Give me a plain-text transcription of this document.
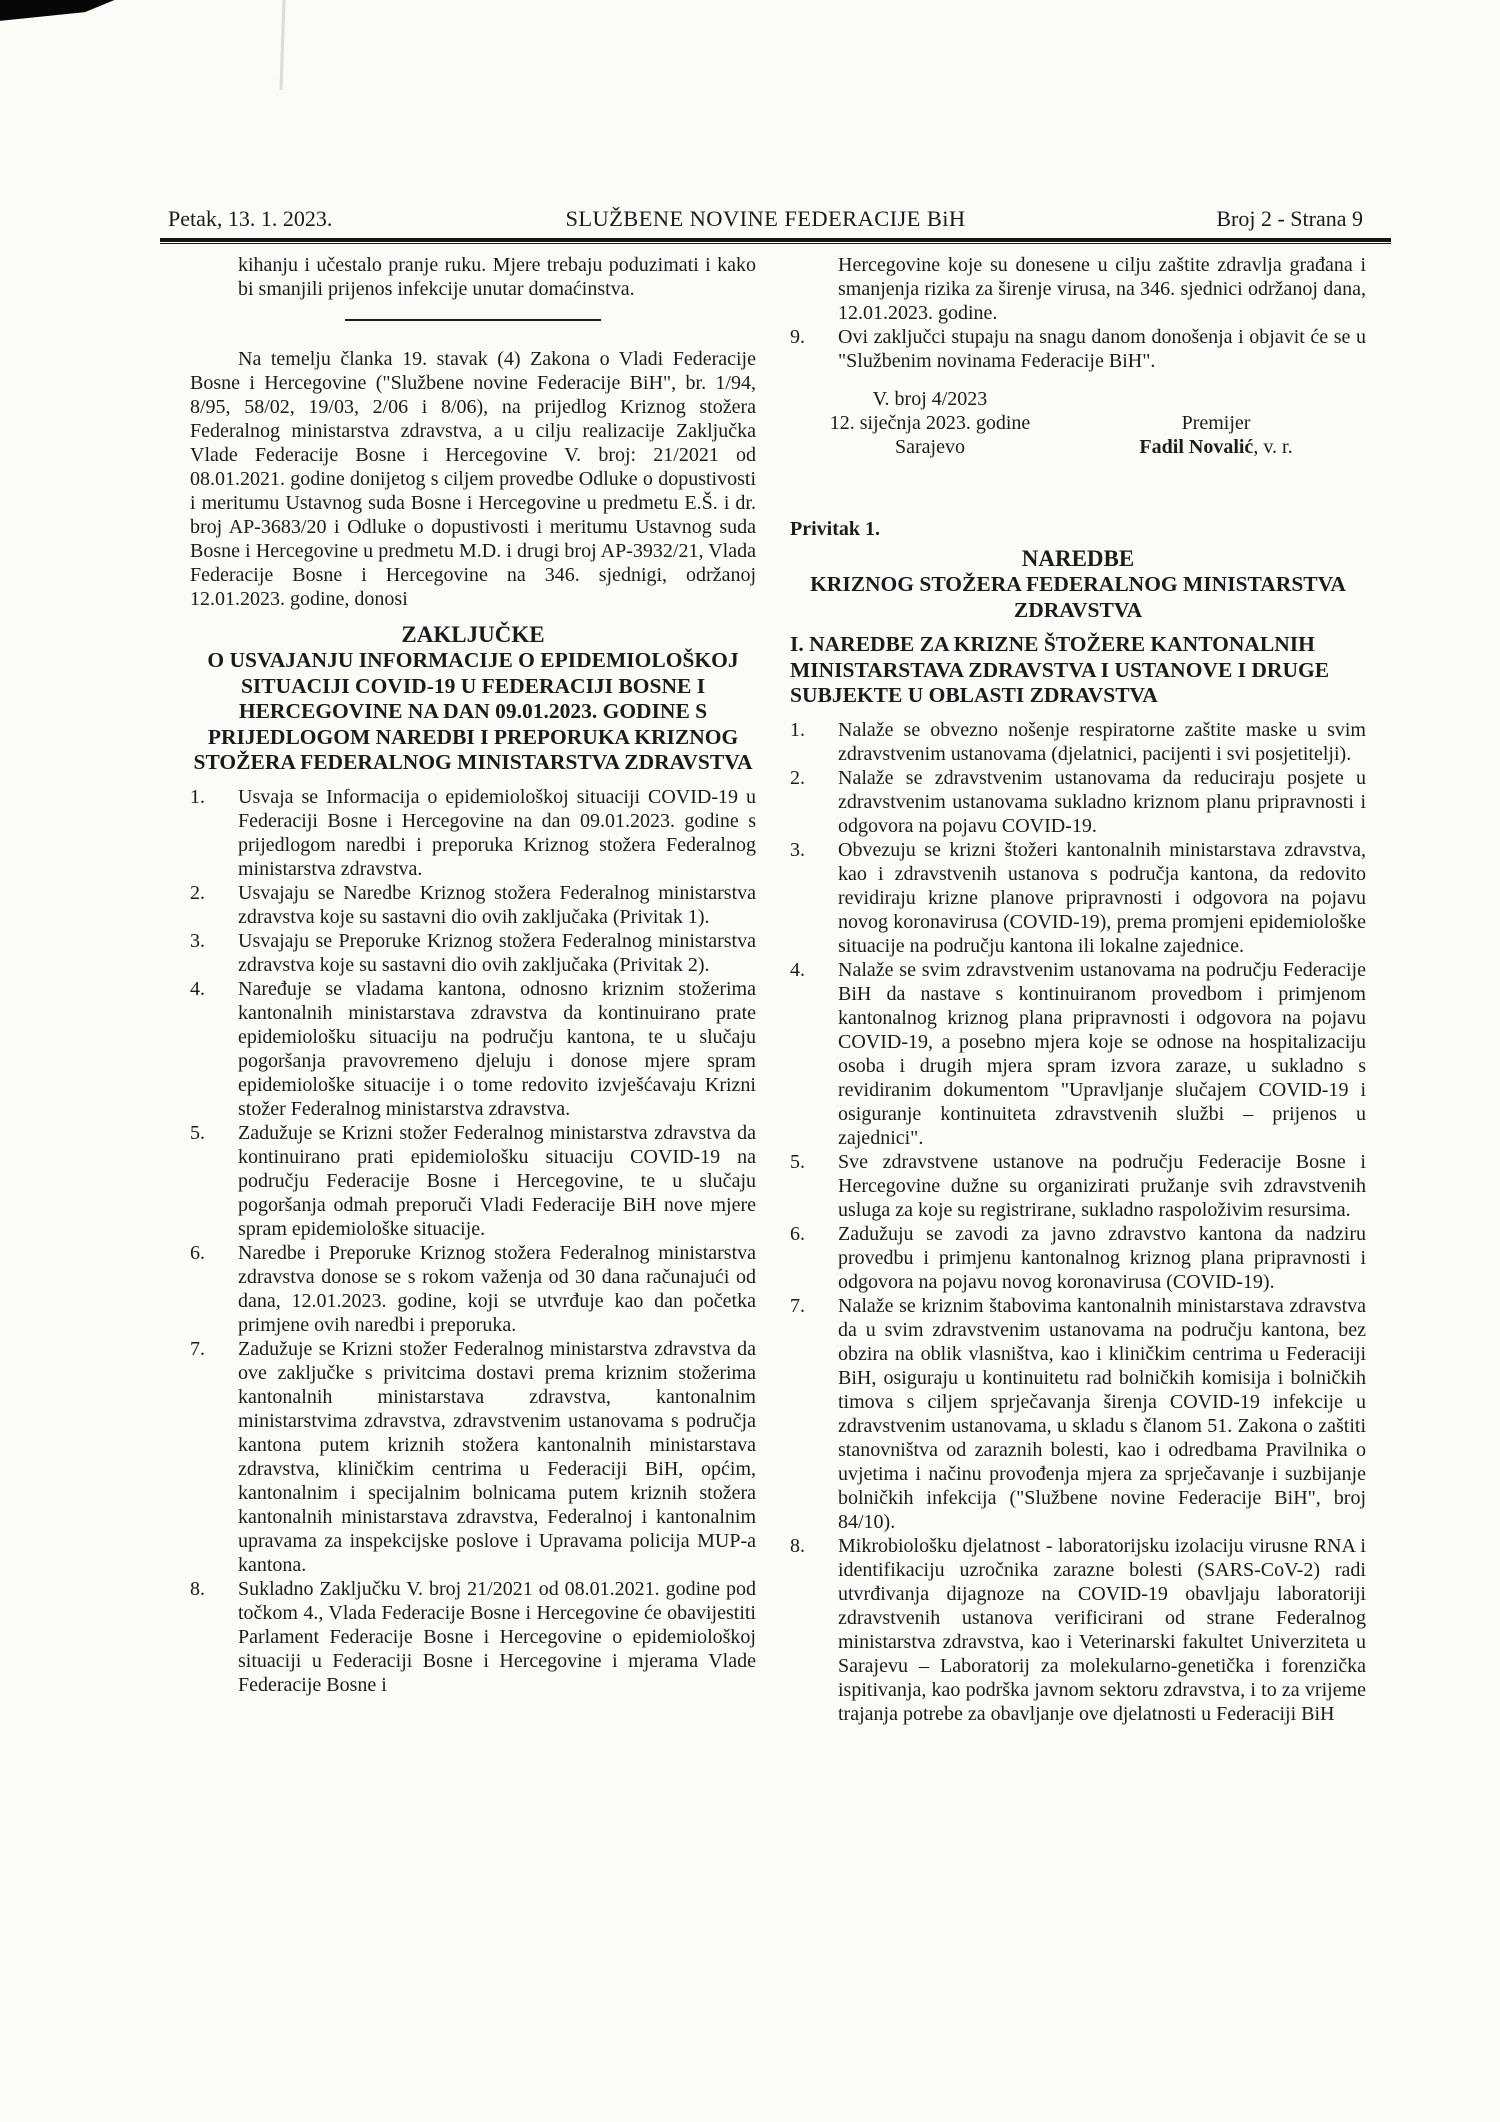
Petak, 13. 1. 2023.	SLUŽBENE NOVINE FEDERACIJE BiH	Broj 2 - Strana 9
kihanju i učestalo pranje ruku. Mjere trebaju poduzimati i kako bi smanjili prijenos infekcije unutar domaćinstva.
Na temelju članka 19. stavak (4) Zakona o Vladi Federacije Bosne i Hercegovine ("Službene novine Federacije BiH", br. 1/94, 8/95, 58/02, 19/03, 2/06 i 8/06), na prijedlog Kriznog stožera Federalnog ministarstva zdravstva, a u cilju realizacije Zaključka Vlade Federacije Bosne i Hercegovine V. broj: 21/2021 od 08.01.2021. godine donijetog s ciljem provedbe Odluke o dopustivosti i meritumu Ustavnog suda Bosne i Hercegovine u predmetu E.Š. i dr. broj AP-3683/20 i Odluke o dopustivosti i meritumu Ustavnog suda Bosne i Hercegovine u predmetu M.D. i drugi broj AP-3932/21, Vlada Federacije Bosne i Hercegovine na 346. sjednigi, održanoj 12.01.2023. godine, donosi
ZAKLJUČKE
O USVAJANJU INFORMACIJE O EPIDEMIOLOŠKOJ SITUACIJI COVID-19 U FEDERACIJI BOSNE I HERCEGOVINE NA DAN 09.01.2023. GODINE S PRIJEDLOGOM NAREDBI I PREPORUKA KRIZNOG STOŽERA FEDERALNOG MINISTARSTVA ZDRAVSTVA
1.	Usvaja se Informacija o epidemiološkoj situaciji COVID-19 u Federaciji Bosne i Hercegovine na dan 09.01.2023. godine s prijedlogom naredbi i preporuka Kriznog stožera Federalnog ministarstva zdravstva.
2.	Usvajaju se Naredbe Kriznog stožera Federalnog ministarstva zdravstva koje su sastavni dio ovih zaključaka (Privitak 1).
3.	Usvajaju se Preporuke Kriznog stožera Federalnog ministarstva zdravstva koje su sastavni dio ovih zaključaka (Privitak 2).
4.	Naređuje se vladama kantona, odnosno kriznim stožerima kantonalnih ministarstava zdravstva da kontinuirano prate epidemiološku situaciju na području kantona, te u slučaju pogoršanja pravovremeno djeluju i donose mjere spram epidemiološke situacije i o tome redovito izvješćavaju Krizni stožer Federalnog ministarstva zdravstva.
5.	Zadužuje se Krizni stožer Federalnog ministarstva zdravstva da kontinuirano prati epidemiološku situaciju COVID-19 na području Federacije Bosne i Hercegovine, te u slučaju pogoršanja odmah preporuči Vladi Federacije BiH nove mjere spram epidemiološke situacije.
6.	Naredbe i Preporuke Kriznog stožera Federalnog ministarstva zdravstva donose se s rokom važenja od 30 dana računajući od dana, 12.01.2023. godine, koji se utvrđuje kao dan početka primjene ovih naredbi i preporuka.
7.	Zadužuje se Krizni stožer Federalnog ministarstva zdravstva da ove zaključke s privitcima dostavi prema kriznim stožerima kantonalnih ministarstava zdravstva, kantonalnim ministarstvima zdravstva, zdravstvenim ustanovama s područja kantona putem kriznih stožera kantonalnih ministarstava zdravstva, kliničkim centrima u Federaciji BiH, općim, kantonalnim i specijalnim bolnicama putem kriznih stožera kantonalnih ministarstava zdravstva, Federalnoj i kantonalnim upravama za inspekcijske poslove i Upravama policija MUP-a kantona.
8.	Sukladno Zaključku V. broj 21/2021 od 08.01.2021. godine pod točkom 4., Vlada Federacije Bosne i Hercegovine će obavijestiti Parlament Federacije Bosne i Hercegovine o epidemiološkoj situaciji u Federaciji Bosne i Hercegovine i mjerama Vlade Federacije Bosne i
Hercegovine koje su donesene u cilju zaštite zdravlja građana i smanjenja rizika za širenje virusa, na 346. sjednici održanoj dana, 12.01.2023. godine.
9.	Ovi zaključci stupaju na snagu danom donošenja i objavit će se u "Službenim novinama Federacije BiH".
V. broj 4/2023
12. siječnja 2023. godine
Sarajevo
Premijer
Fadil Novalić, v. r.
Privitak 1.
NAREDBE
KRIZNOG STOŽERA FEDERALNOG MINISTARSTVA ZDRAVSTVA
I. NAREDBE ZA KRIZNE ŠTOŽERE KANTONALNIH MINISTARSTAVA ZDRAVSTVA I USTANOVE I DRUGE SUBJEKTE U OBLASTI ZDRAVSTVA
1.	Nalaže se obvezno nošenje respiratorne zaštite maske u svim zdravstvenim ustanovama (djelatnici, pacijenti i svi posjetitelji).
2.	Nalaže se zdravstvenim ustanovama da reduciraju posjete u zdravstvenim ustanovama sukladno kriznom planu pripravnosti i odgovora na pojavu COVID-19.
3.	Obvezuju se krizni štožeri kantonalnih ministarstava zdravstva, kao i zdravstvenih ustanova s područja kantona, da redovito revidiraju krizne planove pripravnosti i odgovora na pojavu novog koronavirusa (COVID-19), prema promjeni epidemiološke situacije na području kantona ili lokalne zajednice.
4.	Nalaže se svim zdravstvenim ustanovama na području Federacije BiH da nastave s kontinuiranom provedbom i primjenom kantonalnog kriznog plana pripravnosti i odgovora na pojavu COVID-19, a posebno mjera koje se odnose na hospitalizaciju osoba i drugih mjera spram izvora zaraze, u sukladno s revidiranim dokumentom "Upravljanje slučajem COVID-19 i osiguranje kontinuiteta zdravstvenih službi – prijenos u zajednici".
5.	Sve zdravstvene ustanove na području Federacije Bosne i Hercegovine dužne su organizirati pružanje svih zdravstvenih usluga za koje su registrirane, sukladno raspoloživim resursima.
6.	Zadužuju se zavodi za javno zdravstvo kantona da nadziru provedbu i primjenu kantonalnog kriznog plana pripravnosti i odgovora na pojavu novog koronavirusa (COVID-19).
7.	Nalaže se kriznim štabovima kantonalnih ministarstava zdravstva da u svim zdravstvenim ustanovama na području kantona, bez obzira na oblik vlasništva, kao i kliničkim centrima u Federaciji BiH, osiguraju u kontinuitetu rad bolničkih komisija i bolničkih timova s ciljem sprječavanja širenja COVID-19 infekcije u zdravstvenim ustanovama, u skladu s članom 51. Zakona o zaštiti stanovništva od zaraznih bolesti, kao i odredbama Pravilnika o uvjetima i načinu provođenja mjera za sprječavanje i suzbijanje bolničkih infekcija ("Službene novine Federacije BiH", broj 84/10).
8.	Mikrobiološku djelatnost - laboratorijsku izolaciju virusne RNA i identifikaciju uzročnika zarazne bolesti (SARS-CoV-2) radi utvrđivanja dijagnoze na COVID-19 obavljaju laboratoriji zdravstvenih ustanova verificirani od strane Federalnog ministarstva zdravstva, kao i Veterinarski fakultet Univerziteta u Sarajevu – Laboratorij za molekularno-genetička i forenzička ispitivanja, kao podrška javnom sektoru zdravstva, i to za vrijeme trajanja potrebe za obavljanje ove djelatnosti u Federaciji BiH
